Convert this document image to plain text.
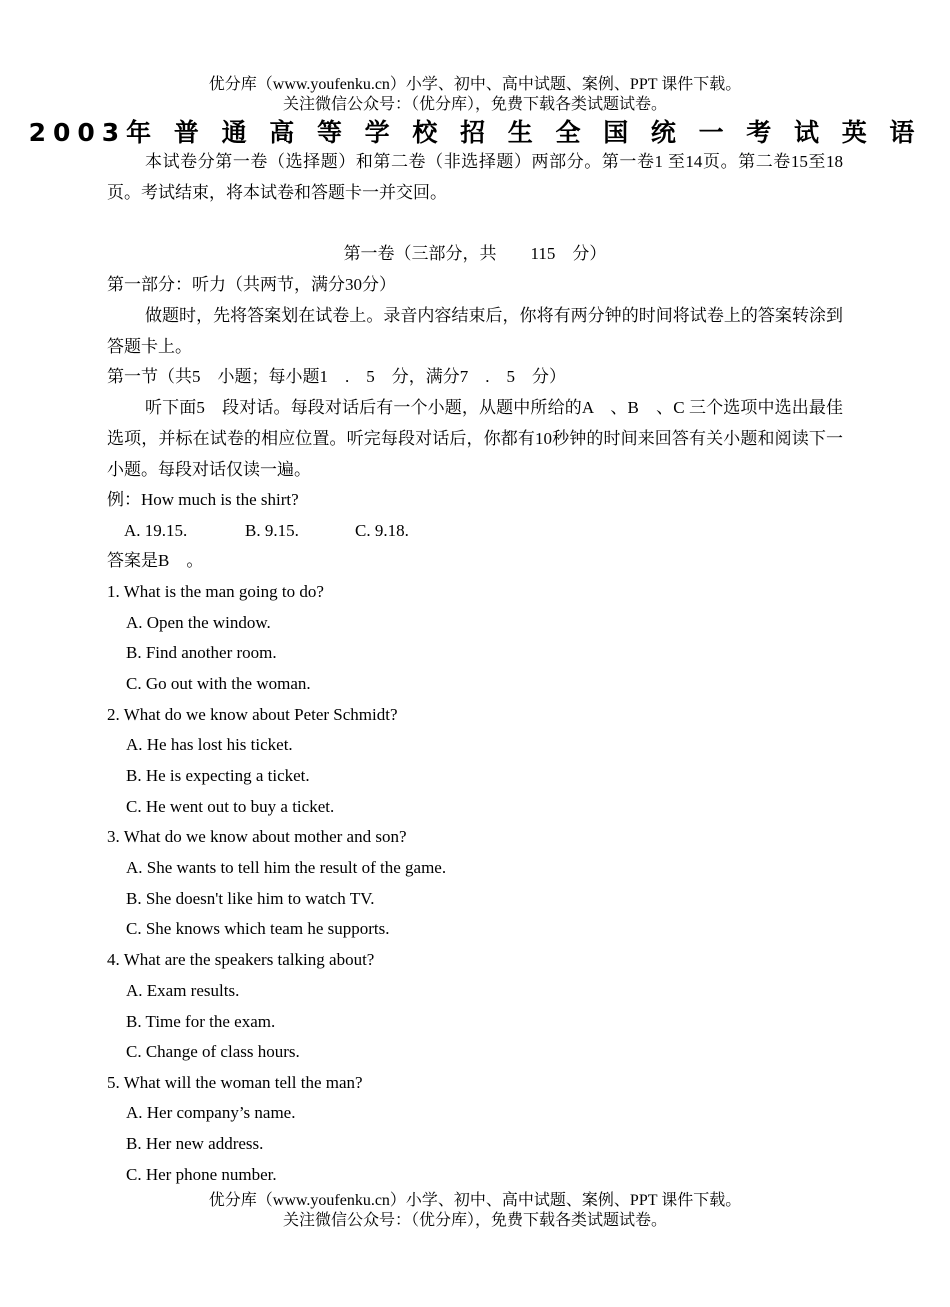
优分库（www.youfenku.cn）小学、初中、高中试题、案例、PPT 课件下载。
关注微信公众号：（优分库），免费下载各类试题试卷。
2003年 普 通 高 等 学 校 招 生 全 国 统 一 考 试 英 语
本试卷分第一卷（选择题）和第二卷（非选择题）两部分。第一卷1 至14页。第二卷15至18页。考试结束，将本试卷和答题卡一并交回。
第一卷（三部分，共　　115　分）
第一部分：听力（共两节，满分30分）
做题时，先将答案划在试卷上。录音内容结束后，你将有两分钟的时间将试卷上的答案转涂到答题卡上。
第一节（共5　小题；每小题1　.　5　分，满分7　.　5　分）
听下面5　段对话。每段对话后有一个小题，从题中所给的A　、B　、C 三个选项中选出最佳选项，并标在试卷的相应位置。听完每段对话后，你都有10秒钟的时间来回答有关小题和阅读下一小题。每段对话仅读一遍。
例：How much is the shirt?
A. 19.15.	B. 9.15.	C. 9.18.
答案是B　。
1. What is the man going to do?
A. Open the window.
B. Find another room.
C. Go out with the woman.
2. What do we know about Peter Schmidt?
A. He has lost his ticket.
B. He is expecting a ticket.
C. He went out to buy a ticket.
3. What do we know about mother and son?
A. She wants to tell him the result of the game.
B. She doesn't like him to watch TV.
C. She knows which team he supports.
4. What are the speakers talking about?
A. Exam results.
B. Time for the exam.
C. Change of class hours.
5. What will the woman tell the man?
A. Her company’s name.
B. Her new address.
C. Her phone number.
优分库（www.youfenku.cn）小学、初中、高中试题、案例、PPT 课件下载。
关注微信公众号：（优分库），免费下载各类试题试卷。
